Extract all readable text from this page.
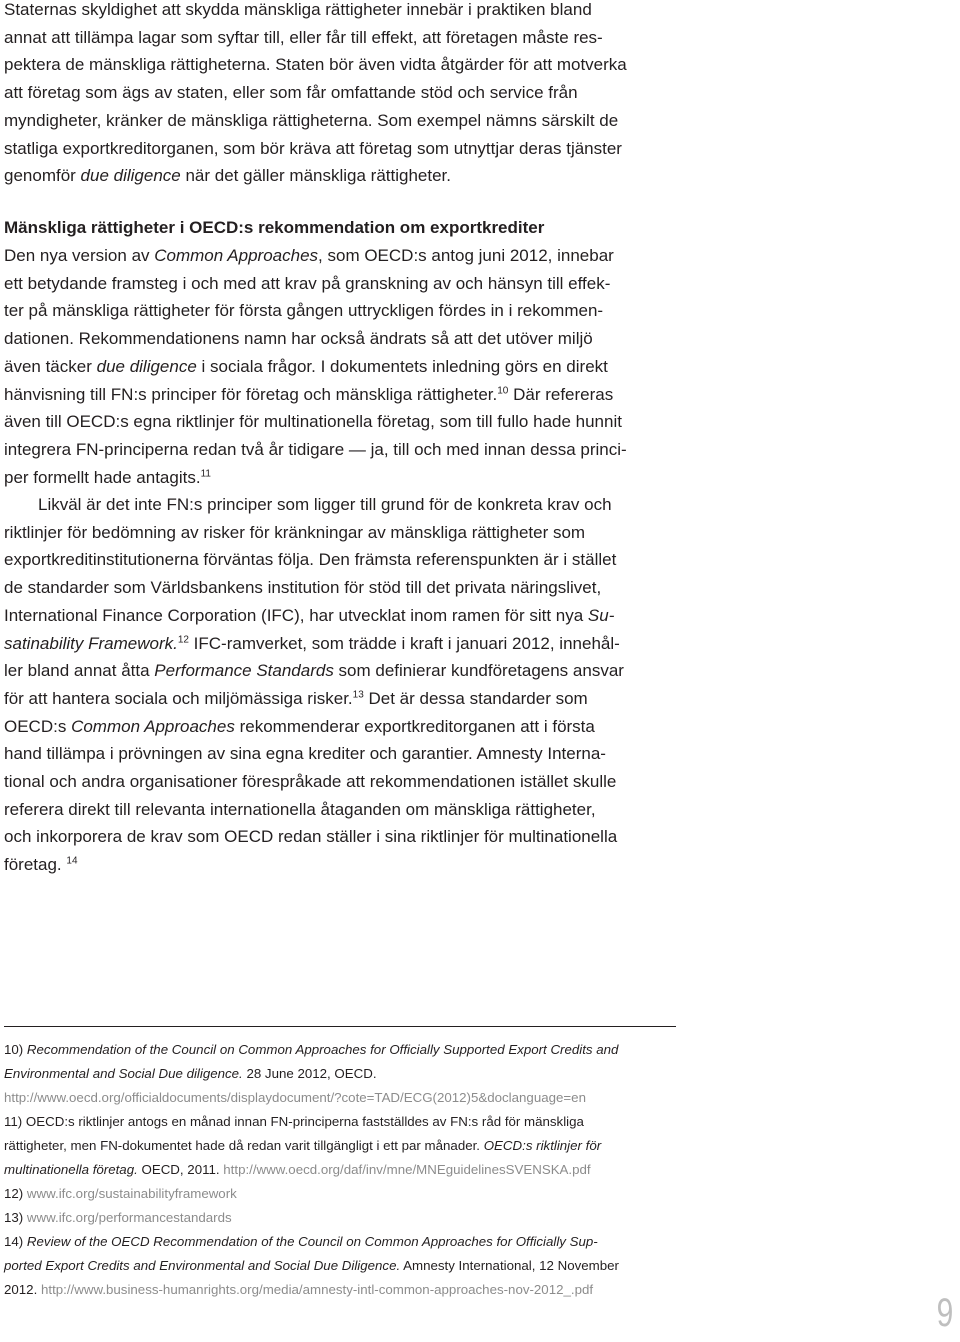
Staternas skyldighet att skydda mänskliga rättigheter innebär i praktiken bland
annat att tillämpa lagar som syftar till, eller får till effekt, att företagen måste res-
pektera de mänskliga rättigheterna. Staten bör även vidta åtgärder för att motverka
att företag som ägs av staten, eller som får omfattande stöd och service från
myndigheter, kränker de mänskliga rättigheterna. Som exempel nämns särskilt de
statliga exportkreditorganen, som bör kräva att företag som utnyttjar deras tjänster
genomför due diligence när det gäller mänskliga rättigheter.
Mänskliga rättigheter i OECD:s rekommendation om exportkrediter
Den nya version av Common Approaches, som OECD:s antog juni 2012, innebar
ett betydande framsteg i och med att krav på granskning av och hänsyn till effek-
ter på mänskliga rättigheter för första gången uttryckligen fördes in i rekommen-
dationen. Rekommendationens namn har också ändrats så att det utöver miljö
även täcker due diligence i sociala frågor. I dokumentets inledning görs en direkt
hänvisning till FN:s principer för företag och mänskliga rättigheter.$^{10}$ Där refereras
även till OECD:s egna riktlinjer för multinationella företag, som till fullo hade hunnit
integrera FN-principerna redan två år tidigare — ja, till och med innan dessa princi-
per formellt hade antagits.$^{11}$
Likväl är det inte FN:s principer som ligger till grund för de konkreta krav och
riktlinjer för bedömning av risker för kränkningar av mänskliga rättigheter som
exportkreditinstitutionerna förväntas följa. Den främsta referenspunkten är i stället
de standarder som Världsbankens institution för stöd till det privata näringslivet,
International Finance Corporation (IFC), har utvecklat inom ramen för sitt nya Su-
satinability Framework.$^{12}$ IFC-ramverket, som trädde i kraft i januari 2012, innehål-
ler bland annat åtta Performance Standards som definierar kundföretagens ansvar
för att hantera sociala och miljömässiga risker.$^{13}$ Det är dessa standarder som
OECD:s Common Approaches rekommenderar exportkreditorganen att i första
hand tillämpa i prövningen av sina egna krediter och garantier. Amnesty Interna-
tional och andra organisationer förespråkade att rekommendationen istället skulle
referera direkt till relevanta internationella åtaganden om mänskliga rättigheter,
och inkorporera de krav som OECD redan ställer i sina riktlinjer för multinationella
företag. $^{14}$
10) Recommendation of the Council on Common Approaches for Officially Supported Export Credits and
Environmental and Social Due diligence. 28 June 2012, OECD.
http://www.oecd.org/officialdocuments/displaydocument/?cote=TAD/ECG(2012)5&doclanguage=en
11) OECD:s riktlinjer antogs en månad innan FN-principerna fastställdes av FN:s råd för mänskliga
rättigheter, men FN-dokumentet hade då redan varit tillgängligt i ett par månader. OECD:s riktlinjer för
multinationella företag. OECD, 2011. http://www.oecd.org/daf/inv/mne/MNEguidelinesSVENSKA.pdf
12) www.ifc.org/sustainabilityframework
13) www.ifc.org/performancestandards
14) Review of the OECD Recommendation of the Council on Common Approaches for Officially Sup-
ported Export Credits and Environmental and Social Due Diligence. Amnesty International, 12 November
2012. http://www.business-humanrights.org/media/amnesty-intl-common-approaches-nov-2012_.pdf
9
